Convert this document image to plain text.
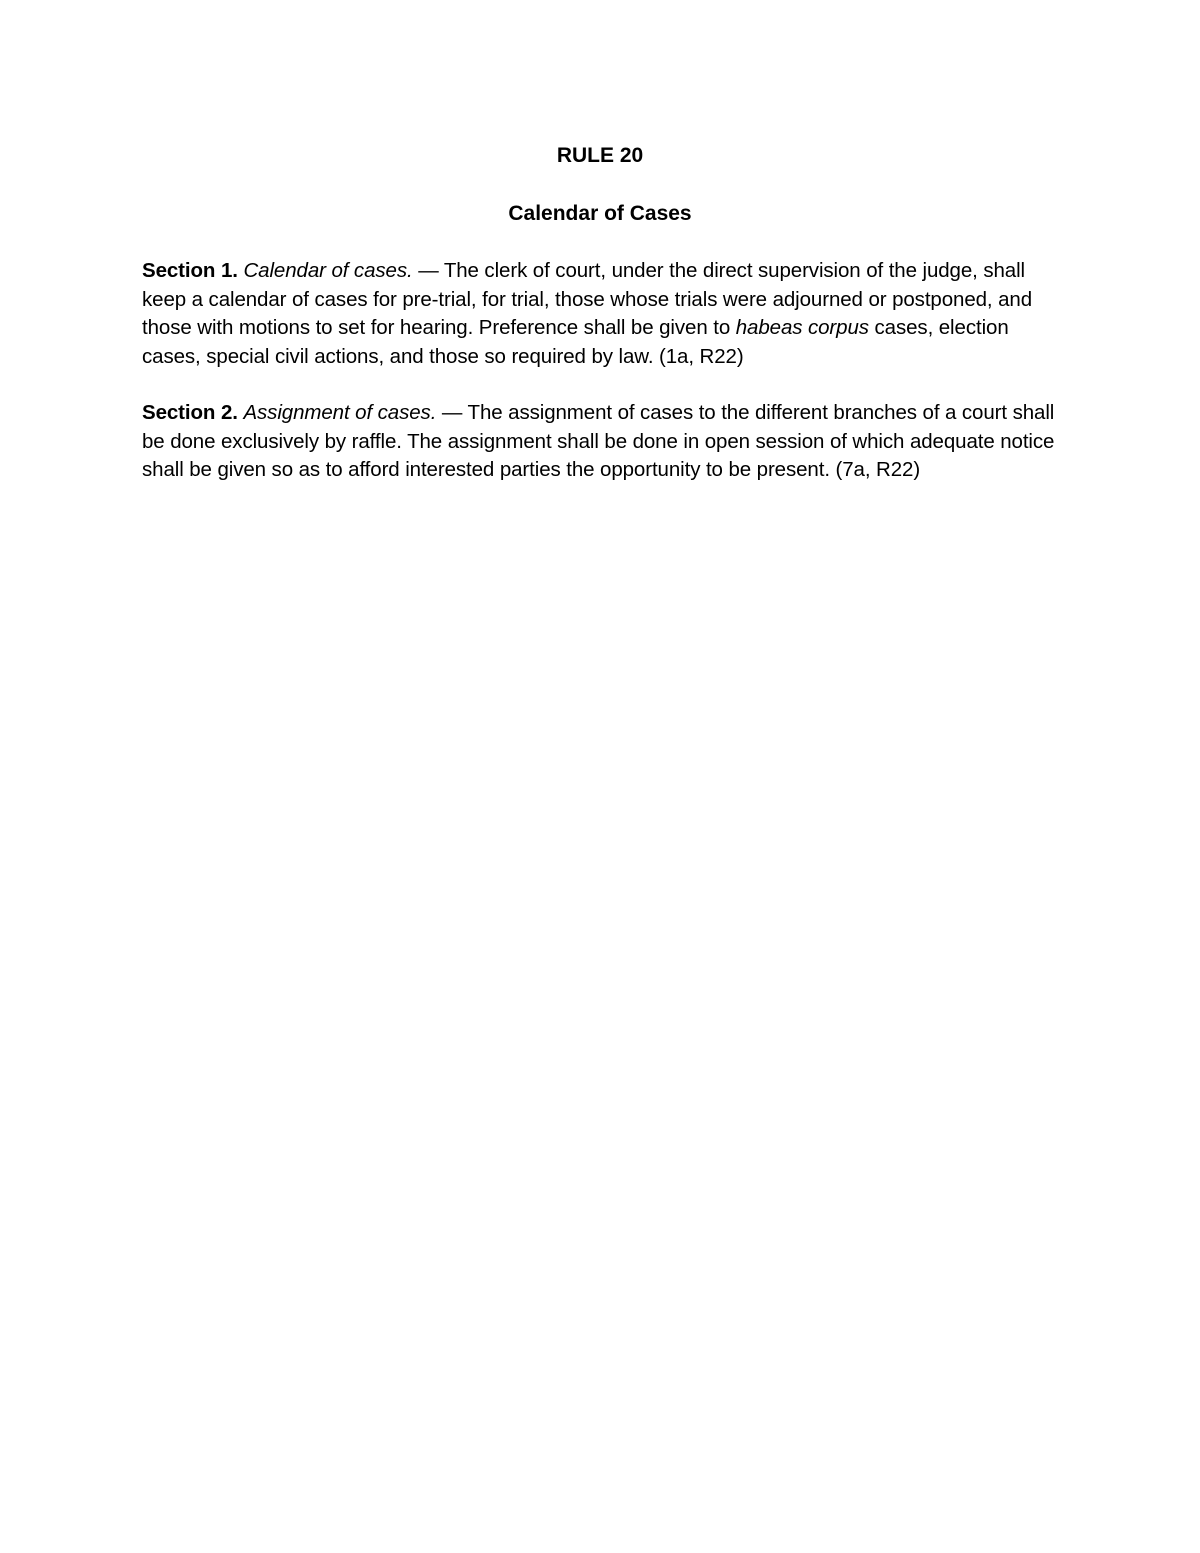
RULE 20
Calendar of Cases

Section 1. Calendar of cases. — The clerk of court, under the direct supervision of the judge, shall keep a calendar of cases for pre-trial, for trial, those whose trials were adjourned or postponed, and those with motions to set for hearing. Preference shall be given to habeas corpus cases, election cases, special civil actions, and those so required by law. (1a, R22)

Section 2. Assignment of cases. — The assignment of cases to the different branches of a court shall be done exclusively by raffle. The assignment shall be done in open session of which adequate notice shall be given so as to afford interested parties the opportunity to be present. (7a, R22)
